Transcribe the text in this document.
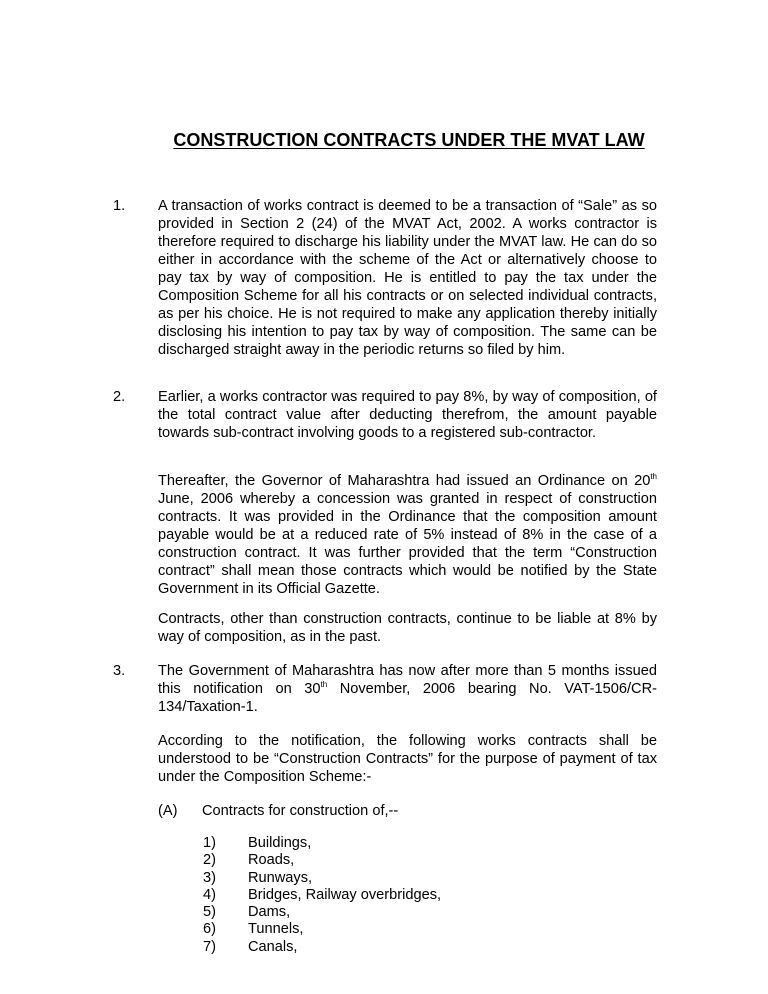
CONSTRUCTION CONTRACTS UNDER THE MVAT LAW
1. A transaction of works contract is deemed to be a transaction of “Sale” as so provided in Section 2 (24) of the MVAT Act, 2002. A works contractor is therefore required to discharge his liability under the MVAT law. He can do so either in accordance with the scheme of the Act or alternatively choose to pay tax by way of composition. He is entitled to pay the tax under the Composition Scheme for all his contracts or on selected individual contracts, as per his choice. He is not required to make any application thereby initially disclosing his intention to pay tax by way of composition. The same can be discharged straight away in the periodic returns so filed by him.
2. Earlier, a works contractor was required to pay 8%, by way of composition, of the total contract value after deducting therefrom, the amount payable towards sub-contract involving goods to a registered sub-contractor.
Thereafter, the Governor of Maharashtra had issued an Ordinance on 20th June, 2006 whereby a concession was granted in respect of construction contracts. It was provided in the Ordinance that the composition amount payable would be at a reduced rate of 5% instead of 8% in the case of a construction contract. It was further provided that the term “Construction contract” shall mean those contracts which would be notified by the State Government in its Official Gazette.
Contracts, other than construction contracts, continue to be liable at 8% by way of composition, as in the past.
3. The Government of Maharashtra has now after more than 5 months issued this notification on 30th November, 2006 bearing No. VAT-1506/CR-134/Taxation-1.
According to the notification, the following works contracts shall be understood to be “Construction Contracts” for the purpose of payment of tax under the Composition Scheme:-
(A) Contracts for construction of,--
1) Buildings,
2) Roads,
3) Runways,
4) Bridges, Railway overbridges,
5) Dams,
6) Tunnels,
7) Canals,
